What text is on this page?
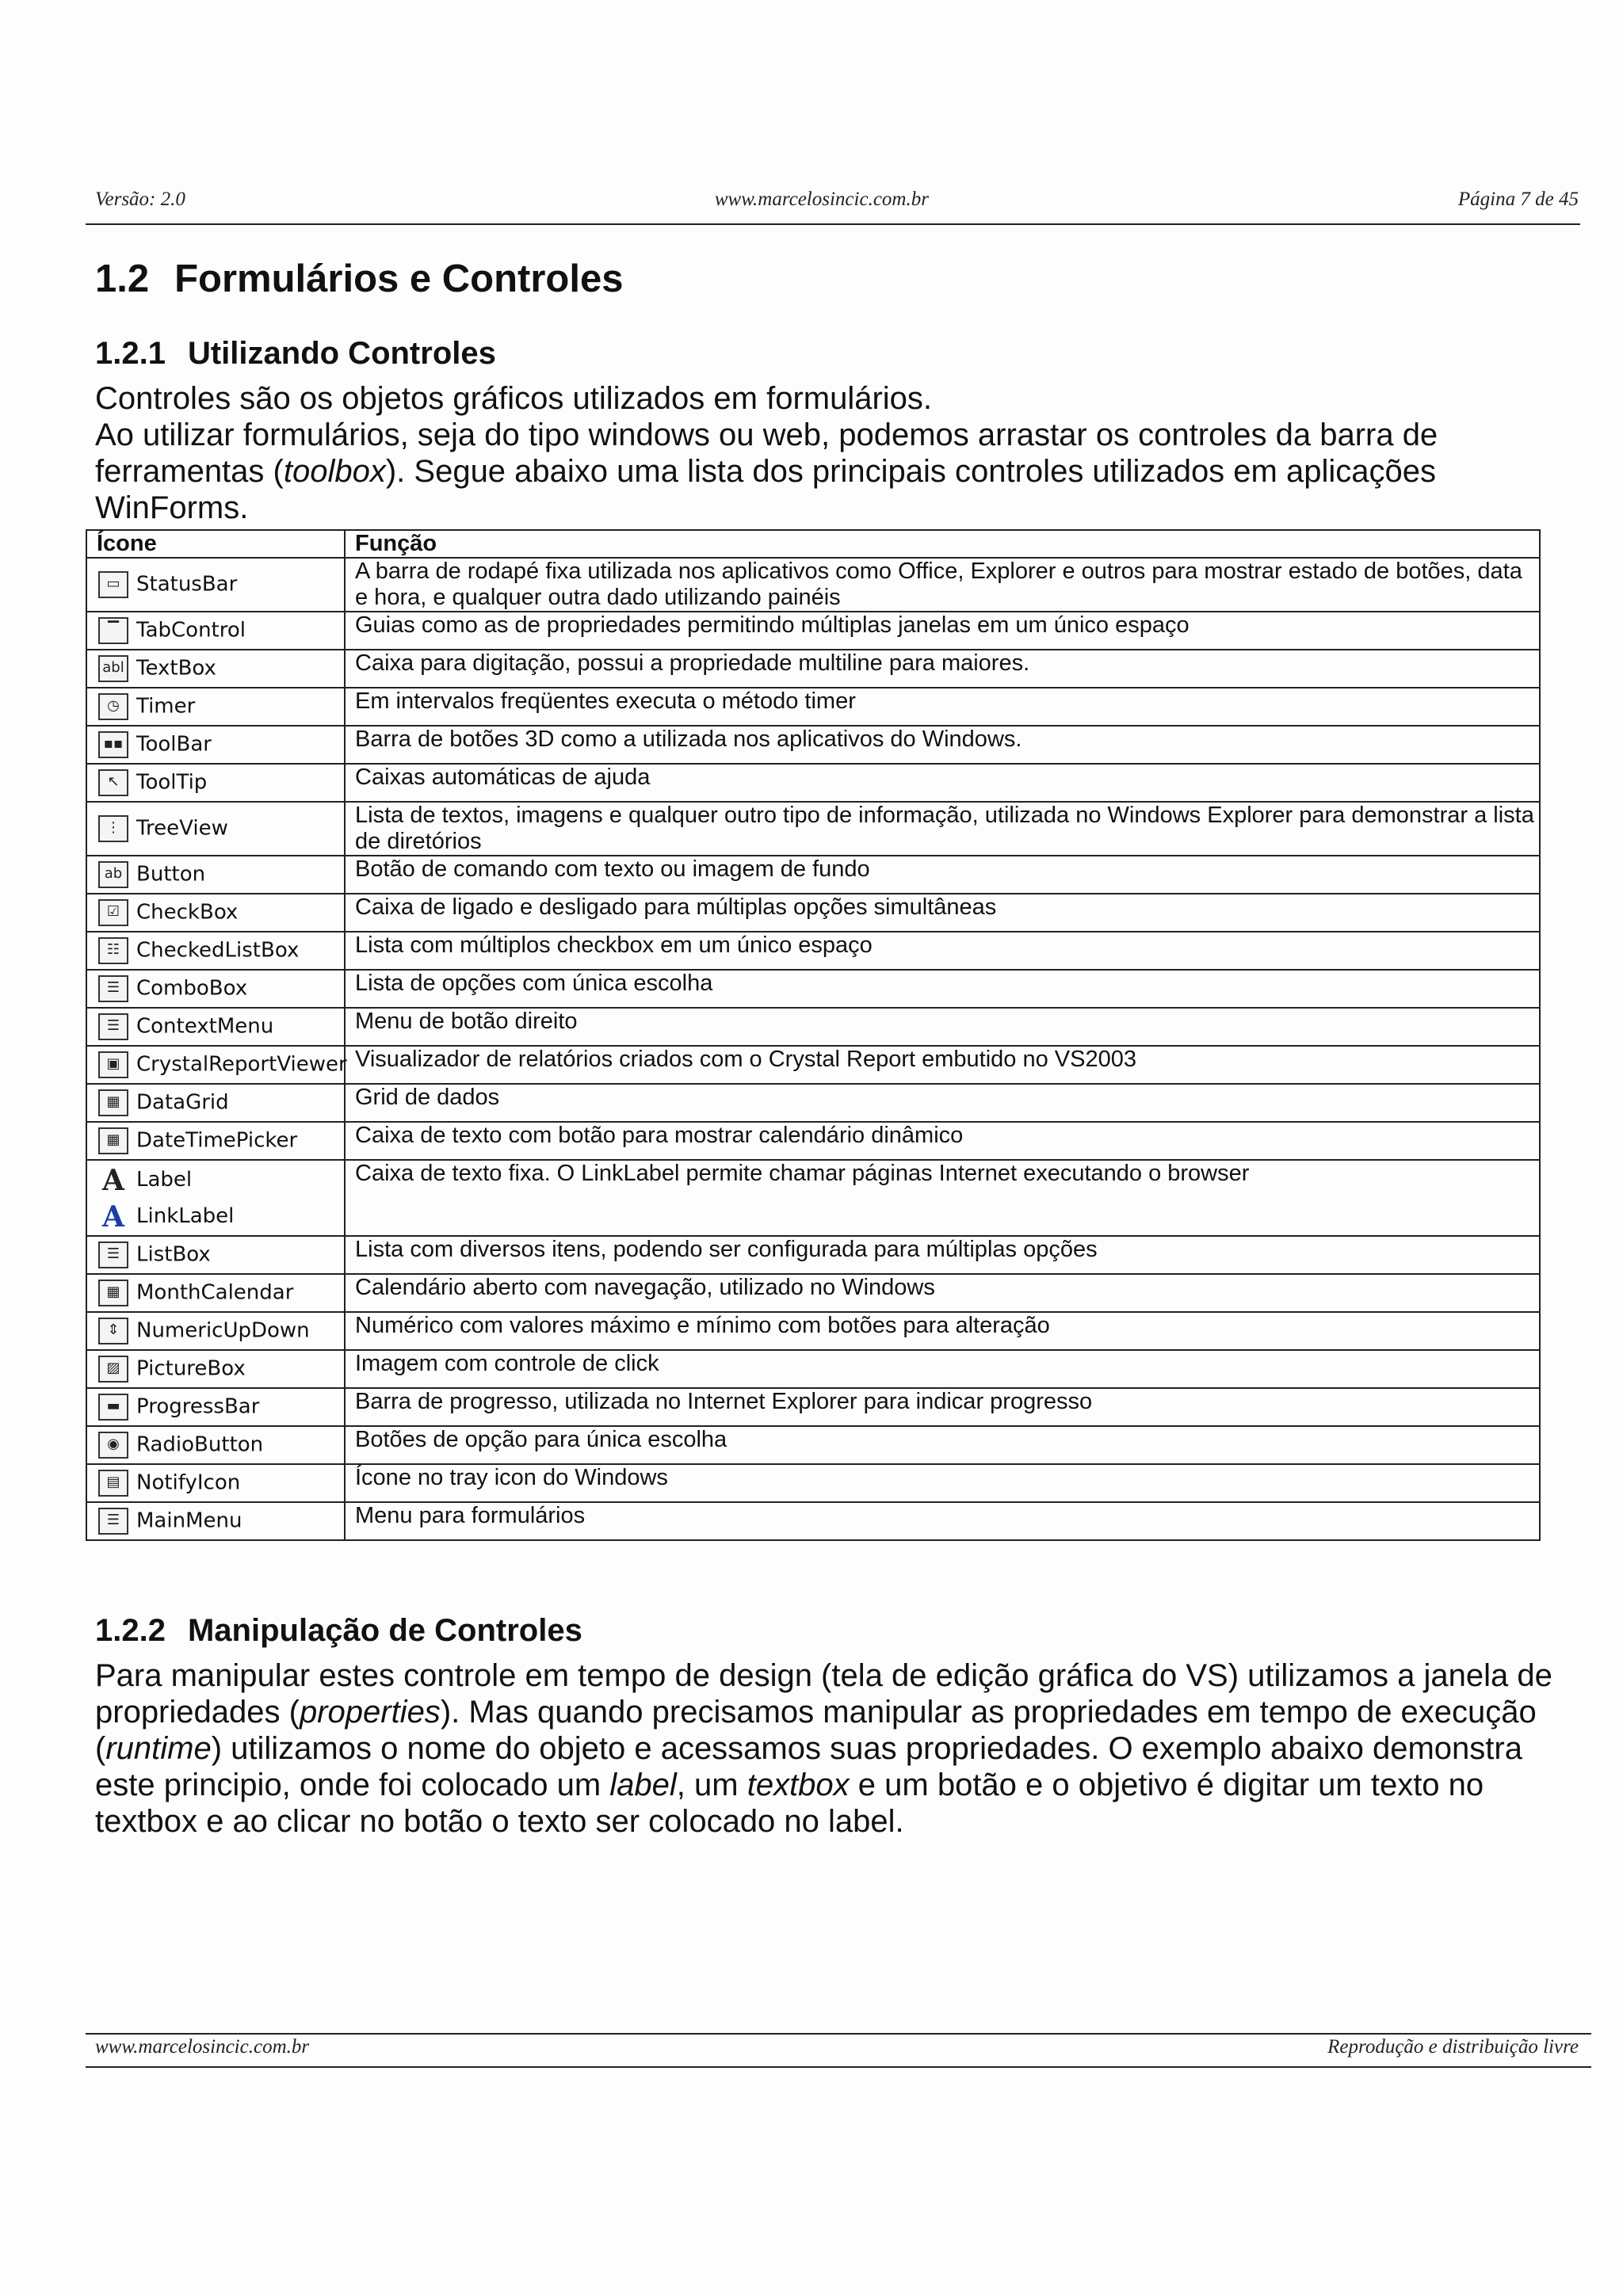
Versão: 2.0	www.marcelosincic.com.br	Página 7 de 45
1.2 Formulários e Controles
1.2.1 Utilizando Controles

Controles são os objetos gráficos utilizados em formulários.

Ao utilizar formulários, seja do tipo windows ou web, podemos arrastar os controles da barra de ferramentas (toolbox). Segue abaixo uma lista dos principais controles utilizados em aplicações WinForms.

Ícone	Função
▭ StatusBar	A barra de rodapé fixa utilizada nos aplicativos como Office, Explorer e outros para mostrar estado de botões, data e hora, e qualquer outra dado utilizando painéis
▔ TabControl	Guias como as de propriedades permitindo múltiplas janelas em um único espaço
abl TextBox	Caixa para digitação, possui a propriedade multiline para maiores.
◷ Timer	Em intervalos freqüentes executa o método timer
▪▪ ToolBar	Barra de botões 3D como a utilizada nos aplicativos do Windows.
↖ ToolTip	Caixas automáticas de ajuda
⋮ TreeView	Lista de textos, imagens e qualquer outro tipo de informação, utilizada no Windows Explorer para demonstrar a lista de diretórios
ab Button	Botão de comando com texto ou imagem de fundo
☑ CheckBox	Caixa de ligado e desligado para múltiplas opções simultâneas
☷ CheckedListBox	Lista com múltiplos checkbox em um único espaço
☰ ComboBox	Lista de opções com única escolha
☰ ContextMenu	Menu de botão direito
▣ CrystalReportViewer	Visualizador de relatórios criados com o Crystal Report embutido no VS2003
▦ DataGrid	Grid de dados
▦ DateTimePicker	Caixa de texto com botão para mostrar calendário dinâmico

A Label
A LinkLabel	Caixa de texto fixa. O LinkLabel permite chamar páginas Internet executando o browser
☰ ListBox	Lista com diversos itens, podendo ser configurada para múltiplas opções
▦ MonthCalendar	Calendário aberto com navegação, utilizado no Windows
⇕ NumericUpDown	Numérico com valores máximo e mínimo com botões para alteração
▨ PictureBox	Imagem com controle de click
▬ ProgressBar	Barra de progresso, utilizada no Internet Explorer para indicar progresso
◉ RadioButton	Botões de opção para única escolha
▤ NotifyIcon	Ícone no tray icon do Windows
☰ MainMenu	Menu para formulários
1.2.2 Manipulação de Controles

Para manipular estes controle em tempo de design (tela de edição gráfica do VS) utilizamos a janela de propriedades (properties). Mas quando precisamos manipular as propriedades em tempo de execução (runtime) utilizamos o nome do objeto e acessamos suas propriedades. O exemplo abaixo demonstra este principio, onde foi colocado um label, um textbox e um botão e o objetivo é digitar um texto no textbox e ao clicar no botão o texto ser colocado no label.

www.marcelosincic.com.br	Reprodução e distribuição livre
